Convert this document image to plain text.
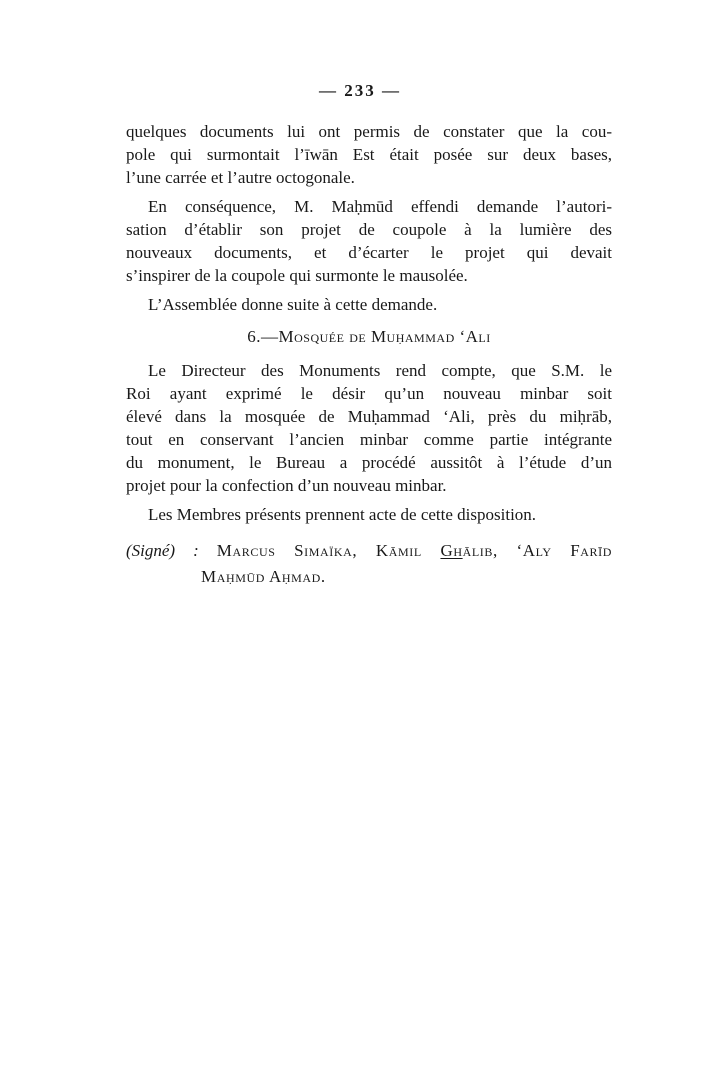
— 233 —
quelques documents lui ont permis de constater que la cou-
pole qui surmontait l’īwān Est était posée sur deux bases,
l’une carrée et l’autre octogonale.
En conséquence, M. Maḥmūd effendi demande l’autori-
sation d’établir son projet de coupole à la lumière des
nouveaux documents, et d’écarter le projet qui devait
s’inspirer de la coupole qui surmonte le mausolée.
L’Assemblée donne suite à cette demande.
6.—Mosquée de Muḥammad ‘Ali
Le Directeur des Monuments rend compte, que S.M. le
Roi ayant exprimé le désir qu’un nouveau minbar soit
élevé dans la mosquée de Muḥammad ‘Ali, près du miḥrāb,
tout en conservant l’ancien minbar comme partie intégrante
du monument, le Bureau a procédé aussitôt à l’étude d’un
projet pour la confection d’un nouveau minbar.
Les Membres présents prennent acte de cette disposition.
(Signé) : Marcus Simaïka, Kāmil Ghālib, ‘Aly Farīd
Maḥmūd Aḥmad.
